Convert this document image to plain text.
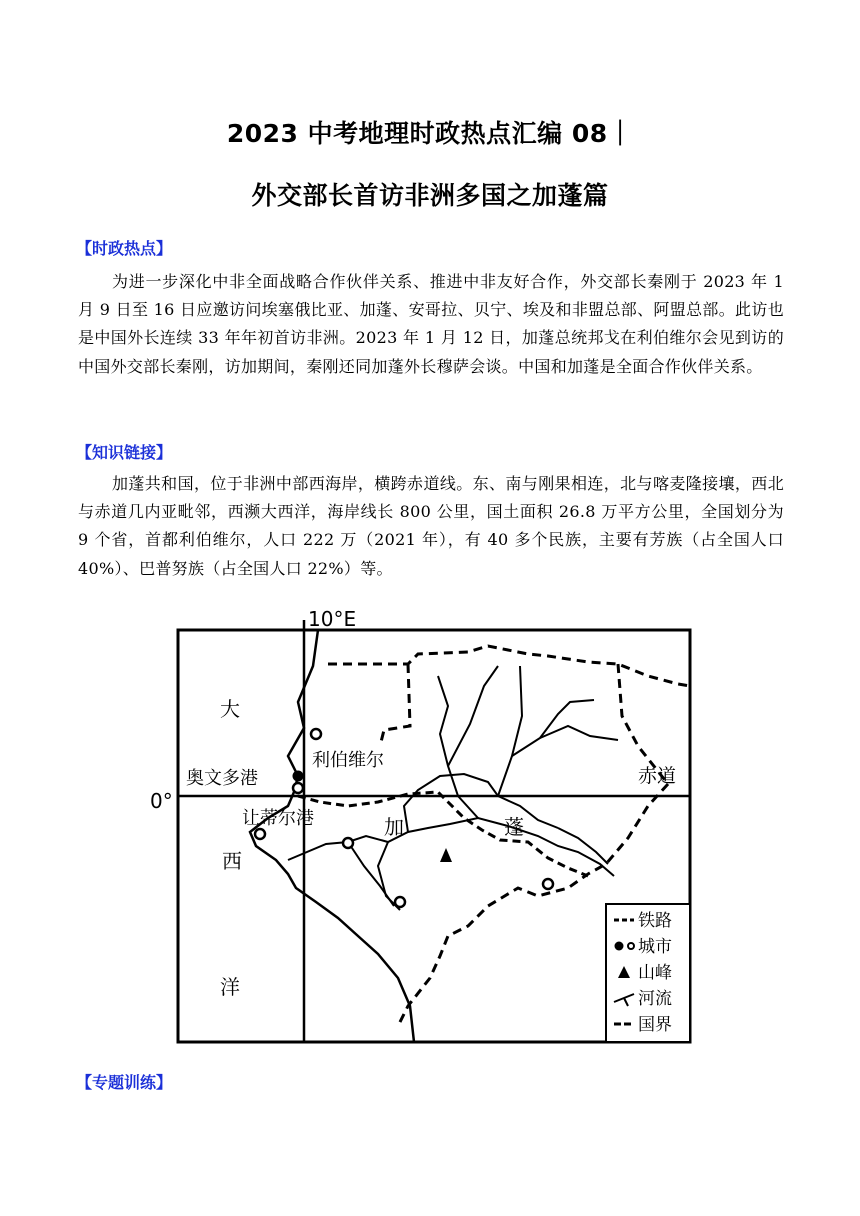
2023 中考地理时政热点汇编 08｜
外交部长首访非洲多国之加蓬篇
【时政热点】
为进一步深化中非全面战略合作伙伴关系、推进中非友好合作，外交部长秦刚于 2023 年 1 月 9 日至 16 日应邀访问埃塞俄比亚、加蓬、安哥拉、贝宁、埃及和非盟总部、阿盟总部。此访也是中国外长连续 33 年年初首访非洲。2023 年 1 月 12 日，加蓬总统邦戈在利伯维尔会见到访的中国外交部长秦刚，访加期间，秦刚还同加蓬外长穆萨会谈。中国和加蓬是全面合作伙伴关系。
【知识链接】
加蓬共和国，位于非洲中部西海岸，横跨赤道线。东、南与刚果相连，北与喀麦隆接壤，西北与赤道几内亚毗邻，西濒大西洋，海岸线长 800 公里，国土面积 26.8 万平方公里，全国划分为 9 个省，首都利伯维尔，人口 222 万（2021 年），有 40 多个民族，主要有芳族（占全国人口 40%）、巴普努族（占全国人口 22%）等。
10°E
0°
赤道
大
西
洋
加	蓬
利伯维尔
奥文多港
让蒂尔港
铁路
城市
山峰
河流
国界
【专题训练】
